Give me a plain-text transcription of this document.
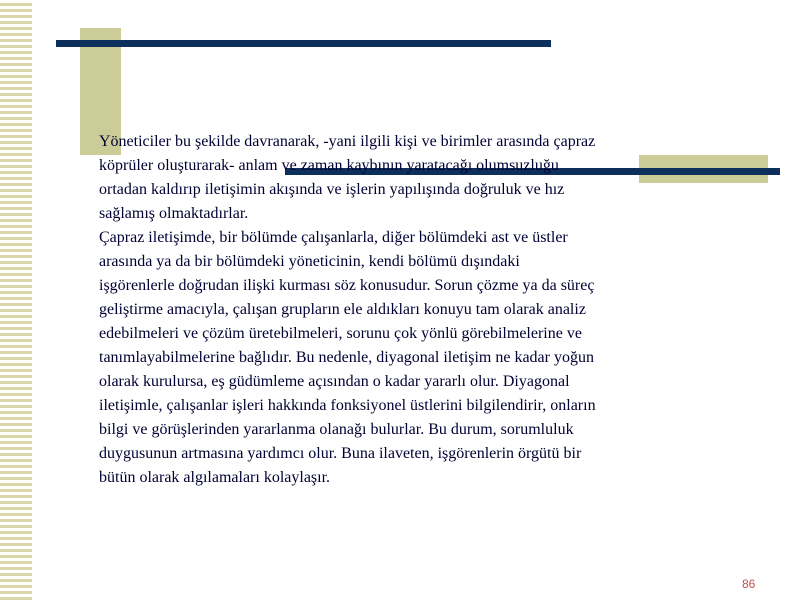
Yöneticiler bu şekilde davranarak, -yani ilgili kişi ve birimler arasında çapraz
köprüler oluşturarak- anlam ve zaman kaybının yaratacağı olumsuzluğu
ortadan kaldırıp iletişimin akışında ve işlerin yapılışında doğruluk ve hız
sağlamış olmaktadırlar.
Çapraz iletişimde, bir bölümde çalışanlarla, diğer bölümdeki ast ve üstler
arasında ya da bir bölümdeki yöneticinin, kendi bölümü dışındaki
işgörenlerle doğrudan ilişki kurması söz konusudur. Sorun çözme ya da süreç
geliştirme amacıyla, çalışan grupların ele aldıkları konuyu tam olarak analiz
edebilmeleri ve çözüm üretebilmeleri, sorunu çok yönlü görebilmelerine ve
tanımlayabilmelerine bağlıdır. Bu nedenle, diyagonal iletişim ne kadar yoğun
olarak kurulursa, eş güdümleme açısından o kadar yararlı olur. Diyagonal
iletişimle, çalışanlar işleri hakkında fonksiyonel üstlerini bilgilendirir, onların
bilgi ve görüşlerinden yararlanma olanağı bulurlar. Bu durum, sorumluluk
duygusunun artmasına yardımcı olur. Buna ilaveten, işgörenlerin örgütü bir
bütün olarak algılamaları kolaylaşır.

86
